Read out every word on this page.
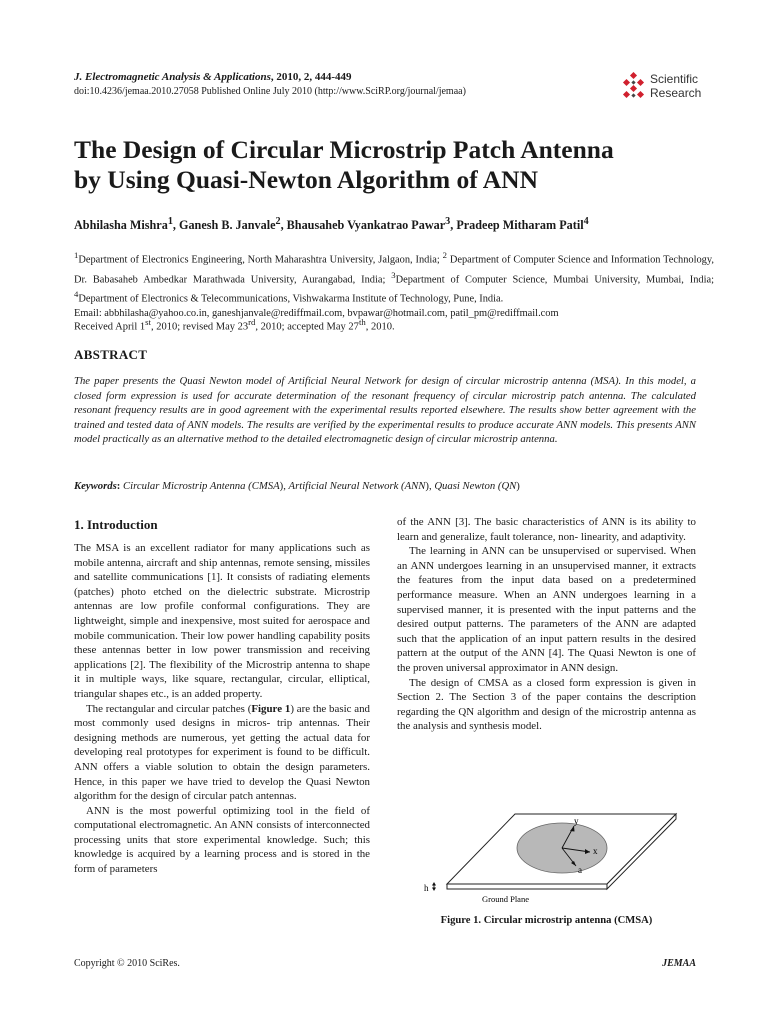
J. Electromagnetic Analysis & Applications, 2010, 2, 444-449
doi:10.4236/jemaa.2010.27058 Published Online July 2010 (http://www.SciRP.org/journal/jemaa)
Scientific
Research
The Design of Circular Microstrip Patch Antenna
by Using Quasi-Newton Algorithm of ANN
Abhilasha Mishra$^1$, Ganesh B. Janvale$^2$, Bhausaheb Vyankatrao Pawar$^3$, Pradeep Mitharam Patil$^4$
$^1$Department of Electronics Engineering, North Maharashtra University, Jalgaon, India; $^2$ Department of Computer Science and Information Technology, Dr. Babasaheb Ambedkar Marathwada University, Aurangabad, India; $^3$Department of Computer Science, Mumbai University, Mumbai, India; $^4$Department of Electronics & Telecommunications, Vishwakarma Institute of Technology, Pune, India.
Email: abbhilasha@yahoo.co.in, ganeshjanvale@rediffmail.com, bvpawar@hotmail.com, patil_pm@rediffmail.com
Received April 1st, 2010; revised May 23rd, 2010; accepted May 27th, 2010.
ABSTRACT
The paper presents the Quasi Newton model of Artificial Neural Network for design of circular microstrip antenna (MSA). In this model, a closed form expression is used for accurate determination of the resonant frequency of circular microstrip patch antenna. The calculated resonant frequency results are in good agreement with the experimental results reported elsewhere. The results show better agreement with the trained and tested data of ANN models. The results are verified by the experimental results to produce accurate ANN models. This presents ANN model practically as an alternative method to the detailed electromagnetic design of circular microstrip antenna.
Keywords: Circular Microstrip Antenna (CMSA), Artificial Neural Network (ANN), Quasi Newton (QN)
1. Introduction

The MSA is an excellent radiator for many applications such as mobile antenna, aircraft and ship antennas, remote sensing, missiles and satellite communications [1]. It consists of radiating elements (patches) photo etched on the dielectric substrate. Microstrip antennas are low profile conformal configurations. They are lightweight, simple and inexpensive, most suited for aerospace and mobile communication. Their low power handling capability posits these antennas better in low power transmission and receiving applications [2]. The flexibility of the Microstrip antenna to shape it in multiple ways, like square, rectangular, circular, elliptical, triangular shapes etc., is an added property.

The rectangular and circular patches (Figure 1) are the basic and most commonly used designs in micros- trip antennas. Their designing methods are numerous, yet getting the actual data for developing real prototypes for experiment is found to be difficult. ANN offers a viable solution to obtain the design parameters. Hence, in this paper we have tried to develop the Quasi Newton algorithm for the design of circular patch antennas.

ANN is the most powerful optimizing tool in the field of computational electromagnetic. An ANN consists of interconnected processing units that store experimental knowledge. Such; this knowledge is acquired by a learning process and is stored in the form of parameters

of the ANN [3]. The basic characteristics of ANN is its ability to learn and generalize, fault tolerance, non- linearity, and adaptivity.

The learning in ANN can be unsupervised or supervised. When an ANN undergoes learning in an unsupervised manner, it extracts the features from the input data based on a predetermined performance measure. When an ANN undergoes learning in a supervised manner, it is presented with the input patterns and the desired output patterns. The parameters of the ANN are adapted such that the application of an input pattern results in the desired pattern at the output of the ANN [4]. The Quasi Newton is one of the proven universal approximator in ANN design.

The design of CMSA as a closed form expression is given in Section 2. The Section 3 of the paper contains the description regarding the QN algorithm and design of the microstrip antenna as the analysis and synthesis model.

y
x
a
h
Ground Plane
Figure 1. Circular microstrip antenna (CMSA)
Copyright © 2010 SciRes.	JEMAA
